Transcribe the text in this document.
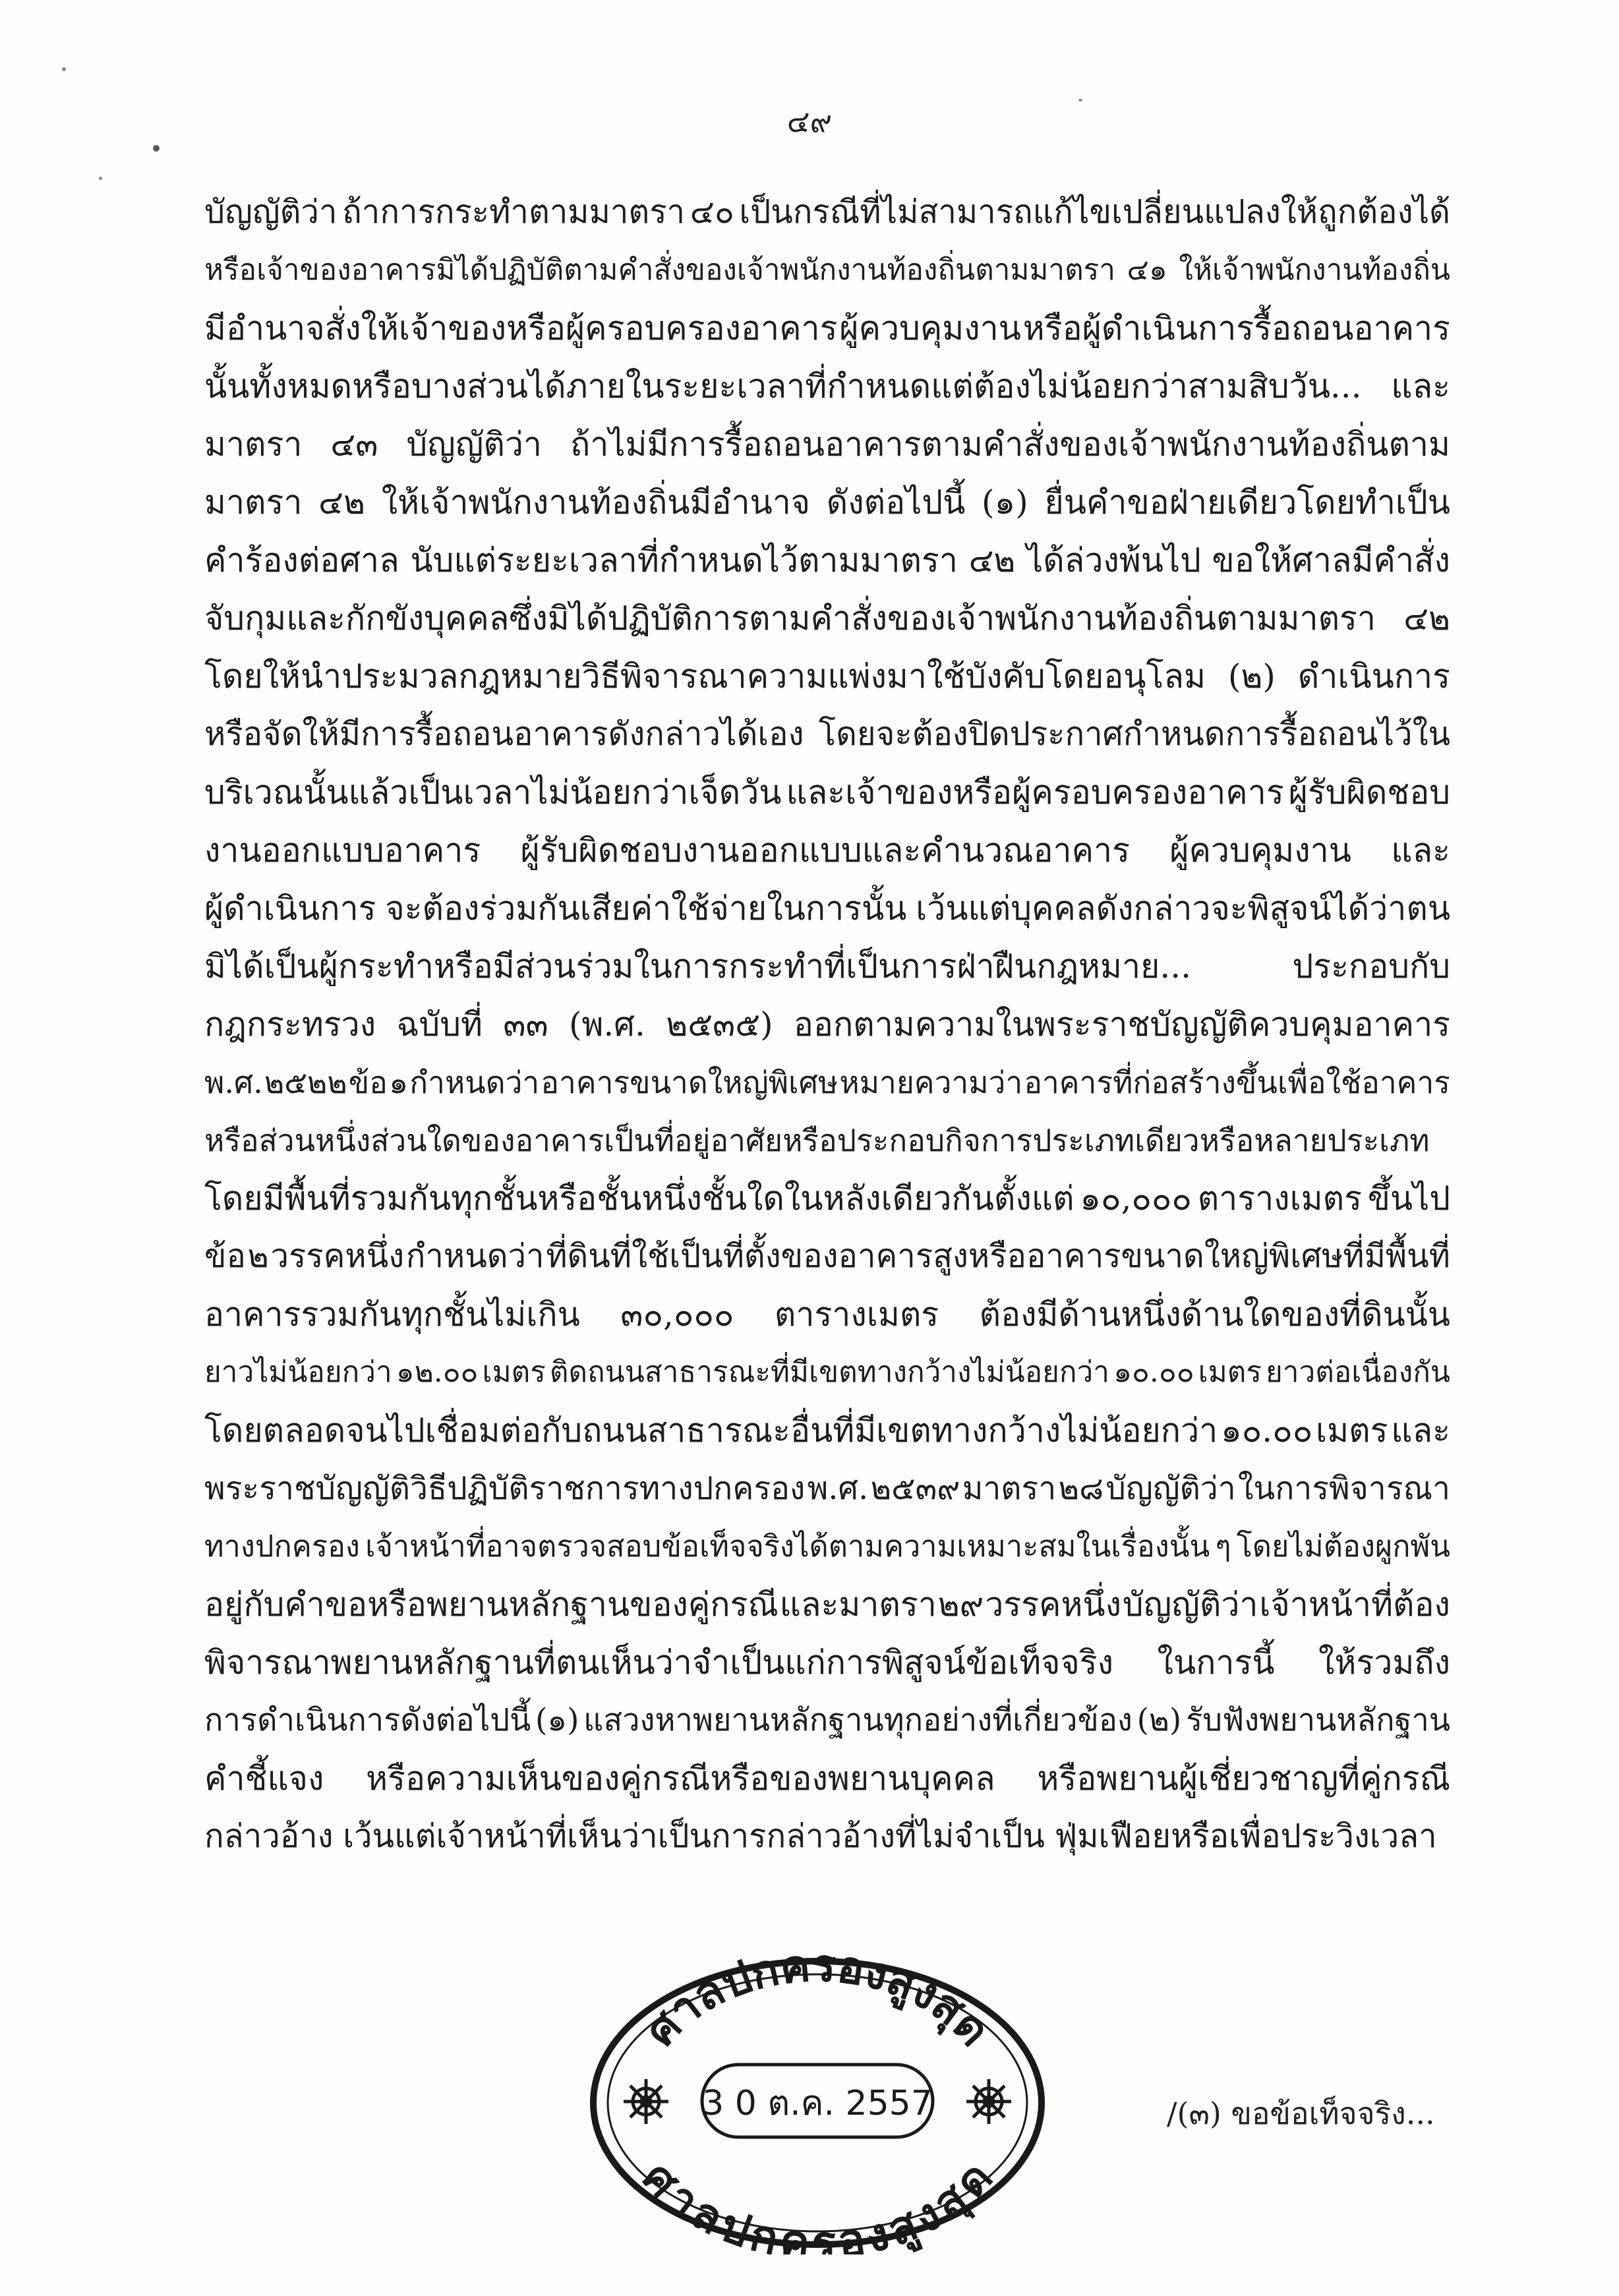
๔๙
บัญญัติว่า ถ้าการกระทำตามมาตรา ๔๐ เป็นกรณีที่ไม่สามารถแก้ไขเปลี่ยนแปลงให้ถูกต้องได้
หรือเจ้าของอาคารมิได้ปฏิบัติตามคำสั่งของเจ้าพนักงานท้องถิ่นตามมาตรา ๔๑ ให้เจ้าพนักงานท้องถิ่น
มีอำนาจสั่งให้เจ้าของหรือผู้ครอบครองอาคาร ผู้ควบคุมงาน หรือผู้ดำเนินการรื้อถอนอาคาร
นั้นทั้งหมดหรือบางส่วนได้ภายในระยะเวลาที่กำหนดแต่ต้องไม่น้อยกว่าสามสิบวัน... และ
มาตรา ๔๓ บัญญัติว่า ถ้าไม่มีการรื้อถอนอาคารตามคำสั่งของเจ้าพนักงานท้องถิ่นตาม
มาตรา ๔๒ ให้เจ้าพนักงานท้องถิ่นมีอำนาจ ดังต่อไปนี้ (๑) ยื่นคำขอฝ่ายเดียวโดยทำเป็น
คำร้องต่อศาล นับแต่ระยะเวลาที่กำหนดไว้ตามมาตรา ๔๒ ได้ล่วงพ้นไป ขอให้ศาลมีคำสั่ง
จับกุมและกักขังบุคคลซึ่งมิได้ปฏิบัติการตามคำสั่งของเจ้าพนักงานท้องถิ่นตามมาตรา ๔๒
โดยให้นำประมวลกฎหมายวิธีพิจารณาความแพ่งมาใช้บังคับโดยอนุโลม (๒) ดำเนินการ
หรือจัดให้มีการรื้อถอนอาคารดังกล่าวได้เอง โดยจะต้องปิดประกาศกำหนดการรื้อถอนไว้ใน
บริเวณนั้นแล้วเป็นเวลาไม่น้อยกว่าเจ็ดวัน และเจ้าของหรือผู้ครอบครองอาคาร ผู้รับผิดชอบ
งานออกแบบอาคาร ผู้รับผิดชอบงานออกแบบและคำนวณอาคาร ผู้ควบคุมงาน และ
ผู้ดำเนินการ จะต้องร่วมกันเสียค่าใช้จ่ายในการนั้น เว้นแต่บุคคลดังกล่าวจะพิสูจน์ได้ว่าตน
มิได้เป็นผู้กระทำหรือมีส่วนร่วมในการกระทำที่เป็นการฝ่าฝืนกฎหมาย...	ประกอบกับ
กฎกระทรวง ฉบับที่ ๓๓ (พ.ศ. ๒๕๓๕) ออกตามความในพระราชบัญญัติควบคุมอาคาร
พ.ศ. ๒๕๒๒ ข้อ ๑ กำหนดว่า อาคารขนาดใหญ่พิเศษ หมายความว่า อาคารที่ก่อสร้างขึ้นเพื่อใช้อาคาร
หรือส่วนหนึ่งส่วนใดของอาคารเป็นที่อยู่อาศัยหรือประกอบกิจการประเภทเดียวหรือหลายประเภท
โดยมีพื้นที่รวมกันทุกชั้นหรือชั้นหนึ่งชั้นใดในหลังเดียวกันตั้งแต่ ๑๐,๐๐๐ ตารางเมตร ขึ้นไป
ข้อ ๒ วรรคหนึ่ง กำหนดว่า ที่ดินที่ใช้เป็นที่ตั้งของอาคารสูงหรืออาคารขนาดใหญ่พิเศษที่มีพื้นที่
อาคารรวมกันทุกชั้นไม่เกิน ๓๐,๐๐๐ ตารางเมตร ต้องมีด้านหนึ่งด้านใดของที่ดินนั้น
ยาวไม่น้อยกว่า ๑๒.๐๐ เมตร ติดถนนสาธารณะที่มีเขตทางกว้างไม่น้อยกว่า ๑๐.๐๐ เมตร ยาวต่อเนื่องกัน
โดยตลอดจนไปเชื่อมต่อกับถนนสาธารณะอื่นที่มีเขตทางกว้างไม่น้อยกว่า ๑๐.๐๐ เมตร และ
พระราชบัญญัติวิธีปฏิบัติราชการทางปกครอง พ.ศ. ๒๕๓๙ มาตรา ๒๘ บัญญัติว่า ในการพิจารณา
ทางปกครอง เจ้าหน้าที่อาจตรวจสอบข้อเท็จจริงได้ตามความเหมาะสมในเรื่องนั้น ๆ โดยไม่ต้องผูกพัน
อยู่กับคำขอหรือพยานหลักฐานของคู่กรณี และมาตรา ๒๙ วรรคหนึ่ง บัญญัติว่า เจ้าหน้าที่ต้อง
พิจารณาพยานหลักฐานที่ตนเห็นว่าจำเป็นแก่การพิสูจน์ข้อเท็จจริง ในการนี้ ให้รวมถึง
การดำเนินการดังต่อไปนี้ (๑) แสวงหาพยานหลักฐานทุกอย่างที่เกี่ยวข้อง (๒) รับฟังพยานหลักฐาน
คำชี้แจง หรือความเห็นของคู่กรณีหรือของพยานบุคคล หรือพยานผู้เชี่ยวชาญที่คู่กรณี
กล่าวอ้าง เว้นแต่เจ้าหน้าที่เห็นว่าเป็นการกล่าวอ้างที่ไม่จำเป็น ฟุ่มเฟือยหรือเพื่อประวิงเวลา
ศาลปกครองสูงสุด
ศาลปกครองสูงสุด
3 0 ต.ค. 2557	/(๓) ขอข้อเท็จจริง...
